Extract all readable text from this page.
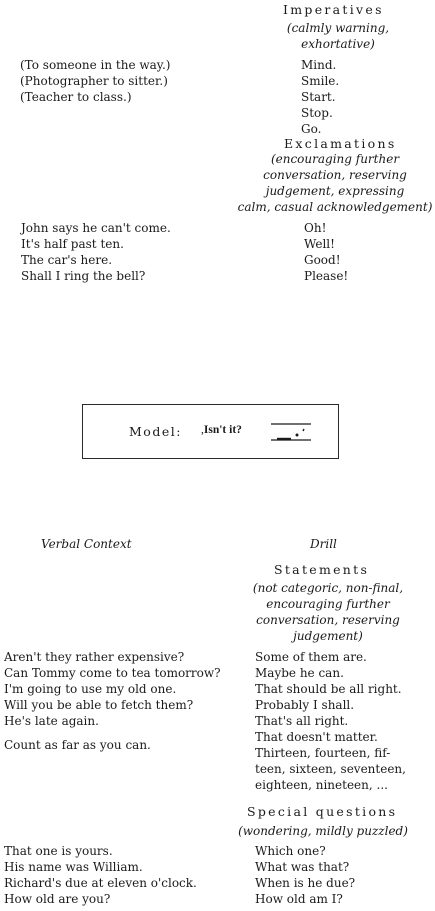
Imperatives
(calmly warning,
exhortative)
(To someone in the way.)
(Photographer to sitter.)
(Teacher to class.)
Mind.
Smile.
Start.
Stop.
Go.
Exclamations
(encouraging further
conversation, reserving
judgement, expressing
calm, casual acknowledgement)
John says he can't come.
It's half past ten.
The car's here.
Shall I ring the bell?
Oh!
Well!
Good!
Please!
Model: ,Isn't it?
Verbal Context	Drill
Statements
(not categoric, non-final,
encouraging further
conversation, reserving
judgement)
Aren't they rather expensive?
Can Tommy come to tea tomorrow?
I'm going to use my old one.
Will you be able to fetch them?
He's late again.
Count as far as you can.
Some of them are.
Maybe he can.
That should be all right.
Probably I shall.
That's all right.
That doesn't matter.
Thirteen, fourteen, fif-
teen, sixteen, seventeen,
eighteen, nineteen, ...
Special questions
(wondering, mildly puzzled)
That one is yours.
His name was William.
Richard's due at eleven o'clock.
How old are you?
Which one?
What was that?
When is he due?
How old am I?
